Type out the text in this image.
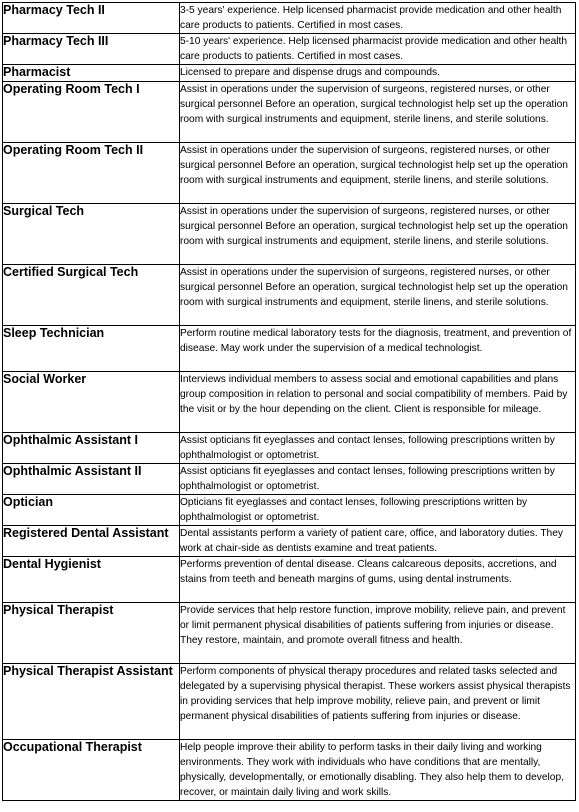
Pharmacy Tech II	3-5 years' experience. Help licensed pharmacist provide medication and other health care products to patients. Certified in most cases.
Pharmacy Tech III	5-10 years' experience. Help licensed pharmacist provide medication and other health care products to patients. Certified in most cases.
Pharmacist	Licensed to prepare and dispense drugs and compounds.
Operating Room Tech I	Assist in operations under the supervision of surgeons, registered nurses, or other surgical personnel Before an operation, surgical technologist help set up the operation room with surgical instruments and equipment, sterile linens, and sterile solutions.
Operating Room Tech II	Assist in operations under the supervision of surgeons, registered nurses, or other surgical personnel Before an operation, surgical technologist help set up the operation room with surgical instruments and equipment, sterile linens, and sterile solutions.
Surgical Tech	Assist in operations under the supervision of surgeons, registered nurses, or other surgical personnel Before an operation, surgical technologist help set up the operation room with surgical instruments and equipment, sterile linens, and sterile solutions.
Certified Surgical Tech	Assist in operations under the supervision of surgeons, registered nurses, or other surgical personnel Before an operation, surgical technologist help set up the operation room with surgical instruments and equipment, sterile linens, and sterile solutions.
Sleep Technician	Perform routine medical laboratory tests for the diagnosis, treatment, and prevention of disease. May work under the supervision of a medical technologist.
Social Worker	Interviews individual members to assess social and emotional capabilities and plans group composition in relation to personal and social compatibility of members. Paid by the visit or by the hour depending on the client. Client is responsible for mileage.
Ophthalmic Assistant I	Assist opticians fit eyeglasses and contact lenses, following prescriptions written by ophthalmologist or optometrist.
Ophthalmic Assistant II	Assist opticians fit eyeglasses and contact lenses, following prescriptions written by ophthalmologist or optometrist.
Optician	Opticians fit eyeglasses and contact lenses, following prescriptions written by ophthalmologist or optometrist.
Registered Dental Assistant	Dental assistants perform a variety of patient care, office, and laboratory duties. They work at chair-side as dentists examine and treat patients.
Dental Hygienist	Performs prevention of dental disease. Cleans calcareous deposits, accretions, and stains from teeth and beneath margins of gums, using dental instruments.
Physical Therapist	Provide services that help restore function, improve mobility, relieve pain, and prevent or limit permanent physical disabilities of patients suffering from injuries or disease. They restore, maintain, and promote overall fitness and health.
Physical Therapist Assistant	Perform components of physical therapy procedures and related tasks selected and delegated by a supervising physical therapist. These workers assist physical therapists in providing services that help improve mobility, relieve pain, and prevent or limit permanent physical disabilities of patients suffering from injuries or disease.
Occupational Therapist	Help people improve their ability to perform tasks in their daily living and working environments. They work with individuals who have conditions that are mentally, physically, developmentally, or emotionally disabling. They also help them to develop, recover, or maintain daily living and work skills.
